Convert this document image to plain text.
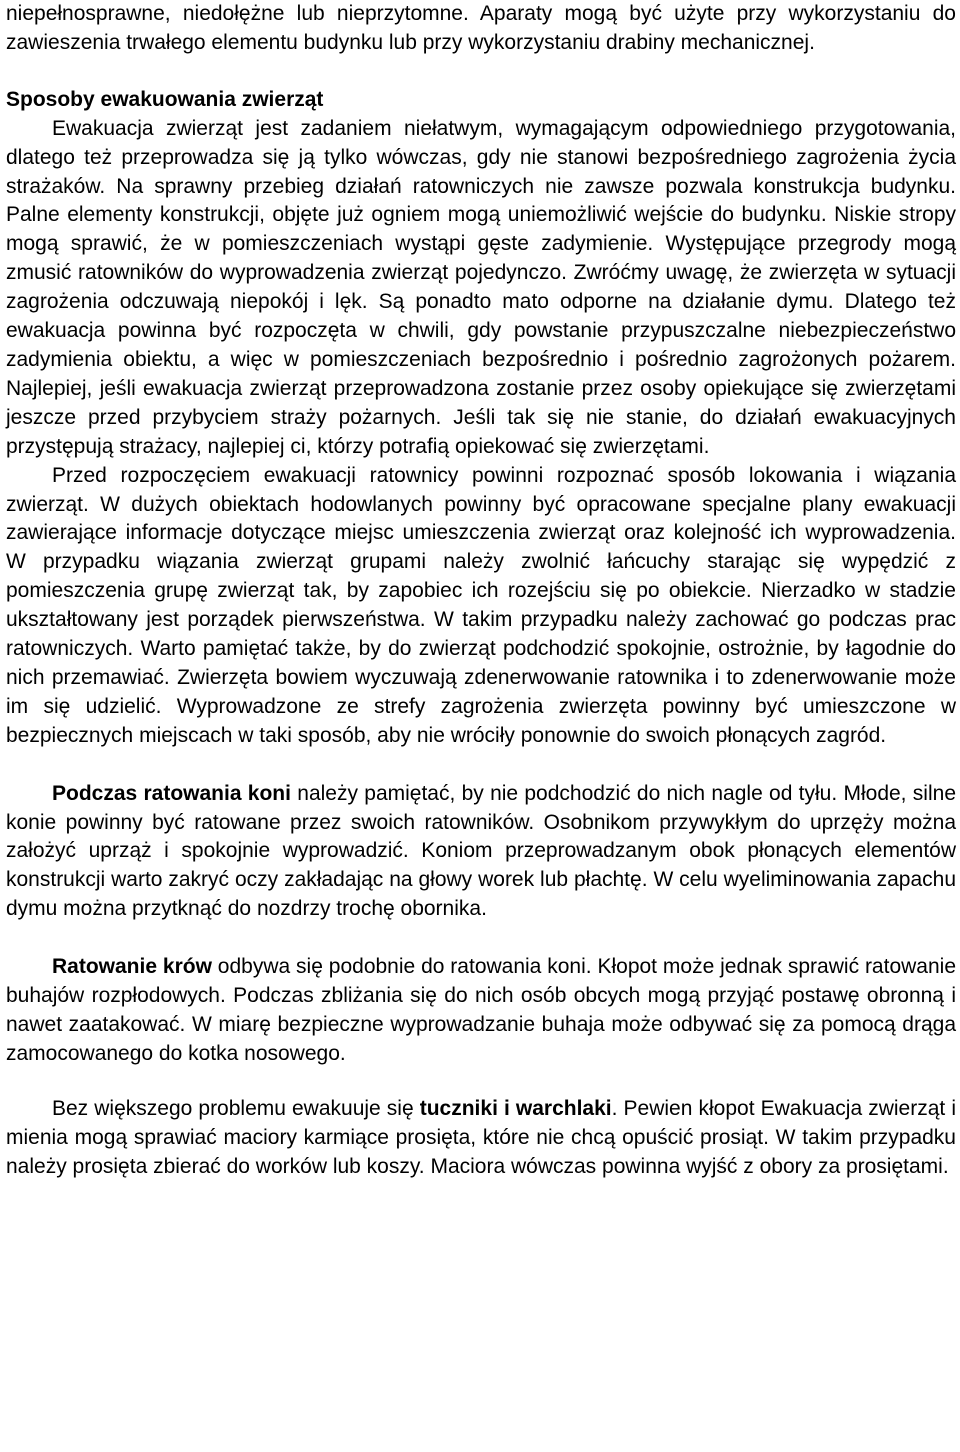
niepełnosprawne, niedołężne lub nieprzytomne. Aparaty mogą być użyte przy wykorzystaniu do zawieszenia trwałego elementu budynku lub przy wykorzystaniu drabiny mechanicznej.

Sposoby ewakuowania zwierząt

Ewakuacja zwierząt jest zadaniem niełatwym, wymagającym odpowiedniego przygotowania, dlatego też przeprowadza się ją tylko wówczas, gdy nie stanowi bezpośredniego zagrożenia życia strażaków. Na sprawny przebieg działań ratowniczych nie zawsze pozwala konstrukcja budynku. Palne elementy konstrukcji, objęte już ogniem mogą uniemożliwić wejście do budynku. Niskie stropy mogą sprawić, że w pomieszczeniach wystąpi gęste zadymienie. Występujące przegrody mogą zmusić ratowników do wyprowadzenia zwierząt pojedynczo. Zwróćmy uwagę, że zwierzęta w sytuacji zagrożenia odczuwają niepokój i lęk. Są ponadto mato odporne na działanie dymu. Dlatego też ewakuacja powinna być rozpoczęta w chwili, gdy powstanie przypuszczalne niebezpieczeństwo zadymienia obiektu, a więc w pomieszczeniach bezpośrednio i pośrednio zagrożonych pożarem. Najlepiej, jeśli ewakuacja zwierząt przeprowadzona zostanie przez osoby opiekujące się zwierzętami jeszcze przed przybyciem straży pożarnych. Jeśli tak się nie stanie, do działań ewakuacyjnych przystępują strażacy, najlepiej ci, którzy potrafią opiekować się zwierzętami.

Przed rozpoczęciem ewakuacji ratownicy powinni rozpoznać sposób lokowania i wiązania zwierząt. W dużych obiektach hodowlanych powinny być opracowane specjalne plany ewakuacji zawierające informacje dotyczące miejsc umieszczenia zwierząt oraz kolejność ich wyprowadzenia. W przypadku wiązania zwierząt grupami należy zwolnić łańcuchy starając się wypędzić z pomieszczenia grupę zwierząt tak, by zapobiec ich rozejściu się po obiekcie. Nierzadko w stadzie ukształtowany jest porządek pierwszeństwa. W takim przypadku należy zachować go podczas prac ratowniczych. Warto pamiętać także, by do zwierząt podchodzić spokojnie, ostrożnie, by łagodnie do nich przemawiać. Zwierzęta bowiem wyczuwają zdenerwowanie ratownika i to zdenerwowanie może im się udzielić. Wyprowadzone ze strefy zagrożenia zwierzęta powinny być umieszczone w bezpiecznych miejscach w taki sposób, aby nie wróciły ponownie do swoich płonących zagród.

Podczas ratowania koni należy pamiętać, by nie podchodzić do nich nagle od tyłu. Młode, silne konie powinny być ratowane przez swoich ratowników. Osobnikom przywykłym do uprzęży można założyć uprząż i spokojnie wyprowadzić. Koniom przeprowadzanym obok płonących elementów konstrukcji warto zakryć oczy zakładając na głowy worek lub płachtę. W celu wyeliminowania zapachu dymu można przytknąć do nozdrzy trochę obornika.

Ratowanie krów odbywa się podobnie do ratowania koni. Kłopot może jednak sprawić ratowanie buhajów rozpłodowych. Podczas zbliżania się do nich osób obcych mogą przyjąć postawę obronną i nawet zaatakować. W miarę bezpieczne wyprowadzanie buhaja może odbywać się za pomocą drąga zamocowanego do kotka nosowego.

Bez większego problemu ewakuuje się tuczniki i warchlaki. Pewien kłopot Ewakuacja zwierząt i mienia mogą sprawiać maciory karmiące prosięta, które nie chcą opuścić prosiąt. W takim przypadku należy prosięta zbierać do worków lub koszy. Maciora wówczas powinna wyjść z obory za prosiętami.
